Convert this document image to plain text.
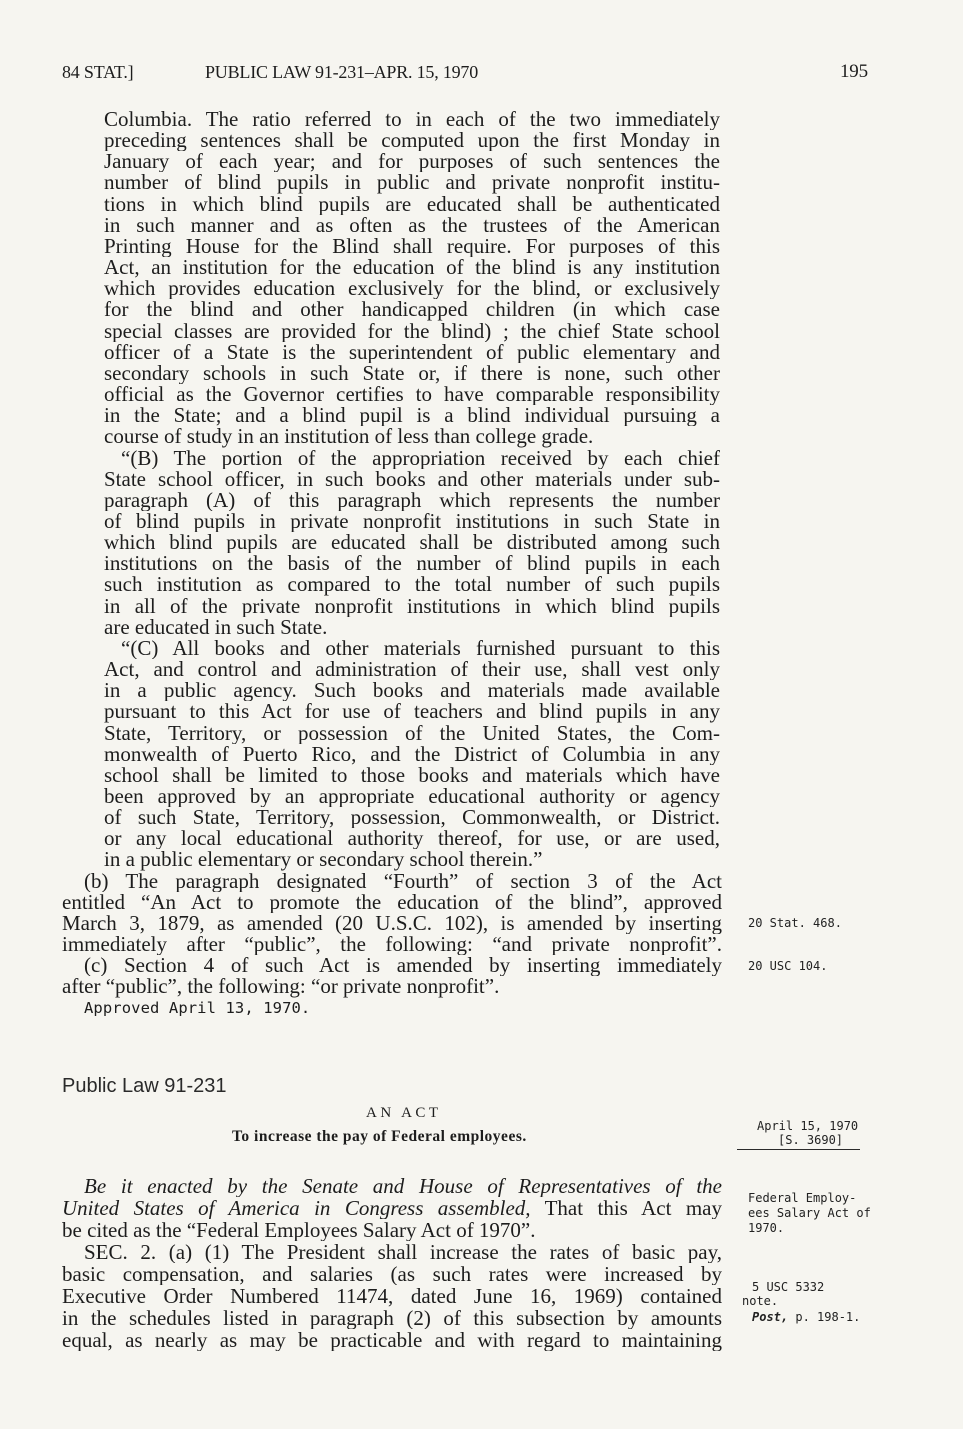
84 STAT.]	PUBLIC LAW 91-231–APR. 15, 1970	195
Columbia. The ratio referred to in each of the two immediately
preceding sentences shall be computed upon the first Monday in
January of each year; and for purposes of such sentences the
number of blind pupils in public and private nonprofit institu-
tions in which blind pupils are educated shall be authenticated
in such manner and as often as the trustees of the American
Printing House for the Blind shall require. For purposes of this
Act, an institution for the education of the blind is any institution
which provides education exclusively for the blind, or exclusively
for the blind and other handicapped children (in which case
special classes are provided for the blind) ; the chief State school
officer of a State is the superintendent of public elementary and
secondary schools in such State or, if there is none, such other
official as the Governor certifies to have comparable responsibility
in the State; and a blind pupil is a blind individual pursuing a
course of study in an institution of less than college grade.
“(B) The portion of the appropriation received by each chief
State school officer, in such books and other materials under sub-
paragraph (A) of this paragraph which represents the number
of blind pupils in private nonprofit institutions in such State in
which blind pupils are educated shall be distributed among such
institutions on the basis of the number of blind pupils in each
such institution as compared to the total number of such pupils
in all of the private nonprofit institutions in which blind pupils
are educated in such State.
“(C) All books and other materials furnished pursuant to this
Act, and control and administration of their use, shall vest only
in a public agency. Such books and materials made available
pursuant to this Act for use of teachers and blind pupils in any
State, Territory, or possession of the United States, the Com-
monwealth of Puerto Rico, and the District of Columbia in any
school shall be limited to those books and materials which have
been approved by an appropriate educational authority or agency
of such State, Territory, possession, Commonwealth, or District.
or any local educational authority thereof, for use, or are used,
in a public elementary or secondary school therein.”
(b) The paragraph designated “Fourth” of section 3 of the Act
entitled “An Act to promote the education of the blind”, approved
March 3, 1879, as amended (20 U.S.C. 102), is amended by inserting
immediately after “public”, the following: “and private nonprofit”.
(c) Section 4 of such Act is amended by inserting immediately
after “public”, the following: “or private nonprofit”.
Approved April 13, 1970.
Public Law 91-231
AN ACT
To increase the pay of Federal employees.
Be it enacted by the Senate and House of Representatives of the
United States of America in Congress assembled, That this Act may
be cited as the “Federal Employees Salary Act of 1970”.
SEC. 2. (a) (1) The President shall increase the rates of basic pay,
basic compensation, and salaries (as such rates were increased by
Executive Order Numbered 11474, dated June 16, 1969) contained
in the schedules listed in paragraph (2) of this subsection by amounts
equal, as nearly as may be practicable and with regard to maintaining
20 Stat. 468.
20 USC 104.
April 15, 1970
[S. 3690]
Federal Employ-
ees Salary Act of
1970.
5 USC 5332
note.
Post, p. 198-1.
